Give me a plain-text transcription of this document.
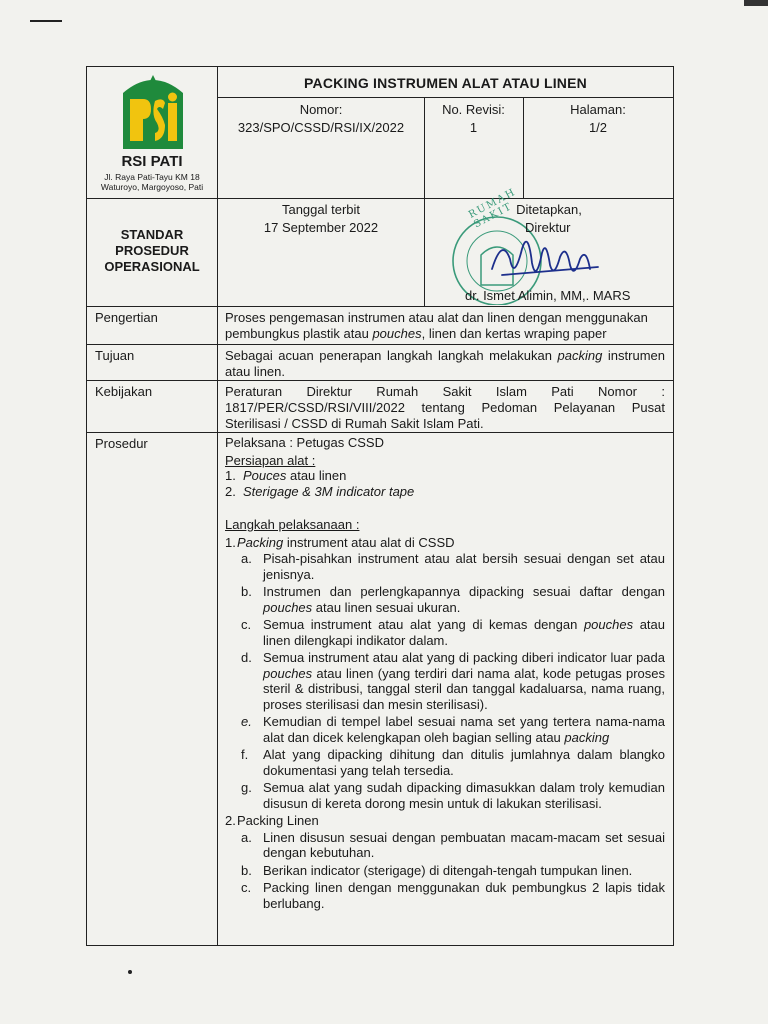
RSI PATI
Jl. Raya Pati-Tayu KM 18
Waturoyo, Margoyoso, Pati
PACKING INSTRUMEN ALAT ATAU LINEN
Nomor:
323/SPO/CSSD/RSI/IX/2022
No. Revisi:
1
Halaman:
1/2
STANDAR
PROSEDUR
OPERASIONAL
Tanggal terbit
17 September 2022
RUMAH SAKIT Ditetapkan,
Direktur
dr. Ismet Alimin, MM,. MARS
Pengertian	Proses pengemasan instrumen atau alat dan linen dengan menggunakan pembungkus plastik atau pouches, linen dan kertas wraping paper
Tujuan	Sebagai acuan penerapan langkah langkah melakukan packing instrumen atau linen.
Kebijakan	Peraturan Direktur Rumah Sakit Islam Pati Nomor : 1817/PER/CSSD/RSI/VIII/2022 tentang Pedoman Pelayanan Pusat Sterilisasi / CSSD di Rumah Sakit Islam Pati.
Prosedur	Pelaksana : Petugas CSSD
Persiapan alat :
1. Pouces atau linen
2. Sterigage & 3M indicator tape
Langkah pelaksanaan :
1. Packing instrument atau alat di CSSD
a. Pisah-pisahkan instrument atau alat bersih sesuai dengan set atau jenisnya.
b. Instrumen dan perlengkapannya dipacking sesuai daftar dengan pouches atau linen sesuai ukuran.
c. Semua instrument atau alat yang di kemas dengan pouches atau linen dilengkapi indikator dalam.
d. Semua instrument atau alat yang di packing diberi indicator luar pada pouches atau linen (yang terdiri dari nama alat, kode petugas proses steril & distribusi, tanggal steril dan tanggal kadaluarsa, nama ruang, proses sterilisasi dan mesin sterilisasi).
e. Kemudian di tempel label sesuai nama set yang tertera nama-nama alat dan dicek kelengkapan oleh bagian selling atau packing
f.	Alat yang dipacking dihitung dan ditulis jumlahnya dalam blangko dokumentasi yang telah tersedia.
g. Semua alat yang sudah dipacking dimasukkan dalam troly kemudian disusun di kereta dorong mesin untuk di lakukan sterilisasi.
2. Packing Linen
a. Linen disusun sesuai dengan pembuatan macam-macam set sesuai dengan kebutuhan.
b. Berikan indicator (sterigage) di ditengah-tengah tumpukan linen.
c. Packing linen dengan menggunakan duk pembungkus 2 lapis tidak berlubang.
